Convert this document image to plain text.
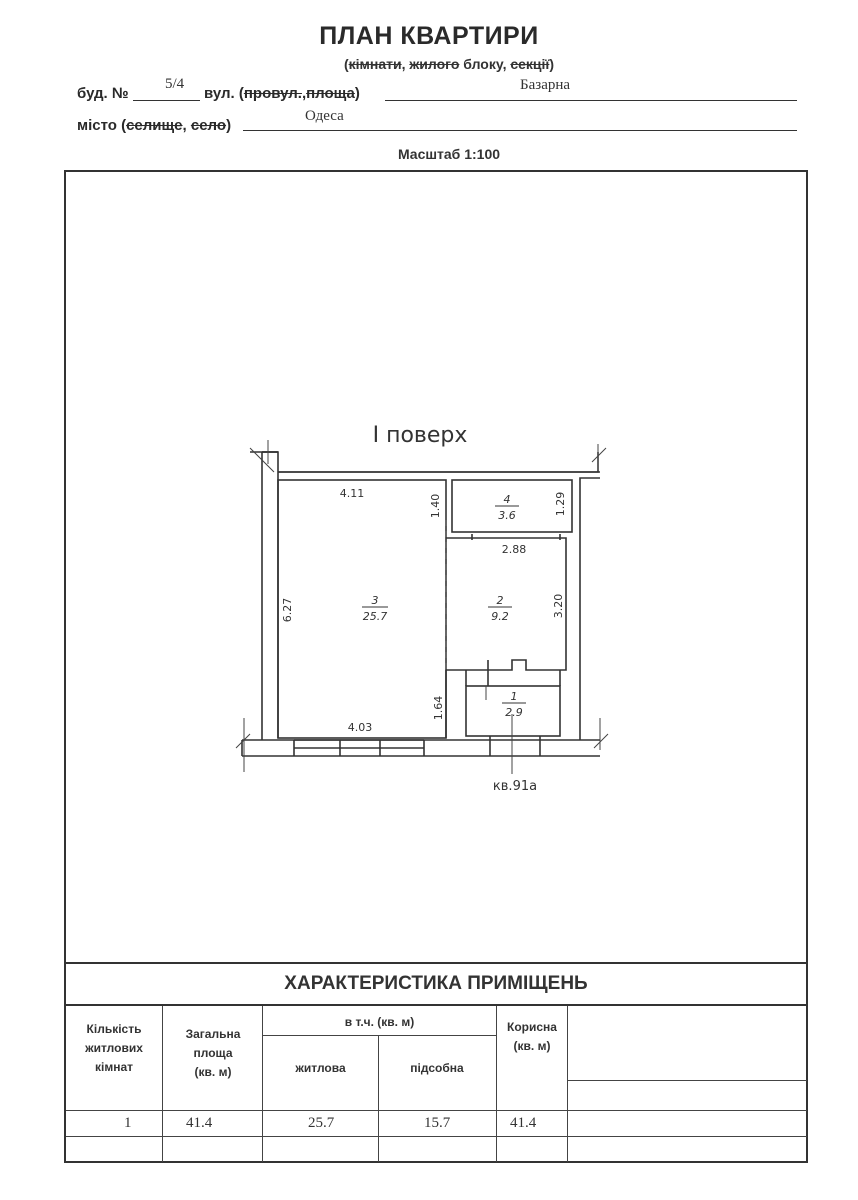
ПЛАН КВАРТИРИ
(кімнати, жилого блоку, секції)
буд. №
5/4
вул. (провул.,площа)	Базарна
місто (селище, село)
Одеса
Масштаб 1:100
I поверх
4.11
1.40	1.29
2.88
6.27	3.20
1.64
4.03
3
25.7
2
9.2
4
3.6
1
2.9
кв.91а
ХАРАКТЕРИСТИКА ПРИМІЩЕНЬ
Кількість
житлових
кімнат
Загальна
площа
(кв. м)
в т.ч. (кв. м)
житлова	підсобна
Корисна
(кв. м)
1	41.4	25.7	15.7	41.4
